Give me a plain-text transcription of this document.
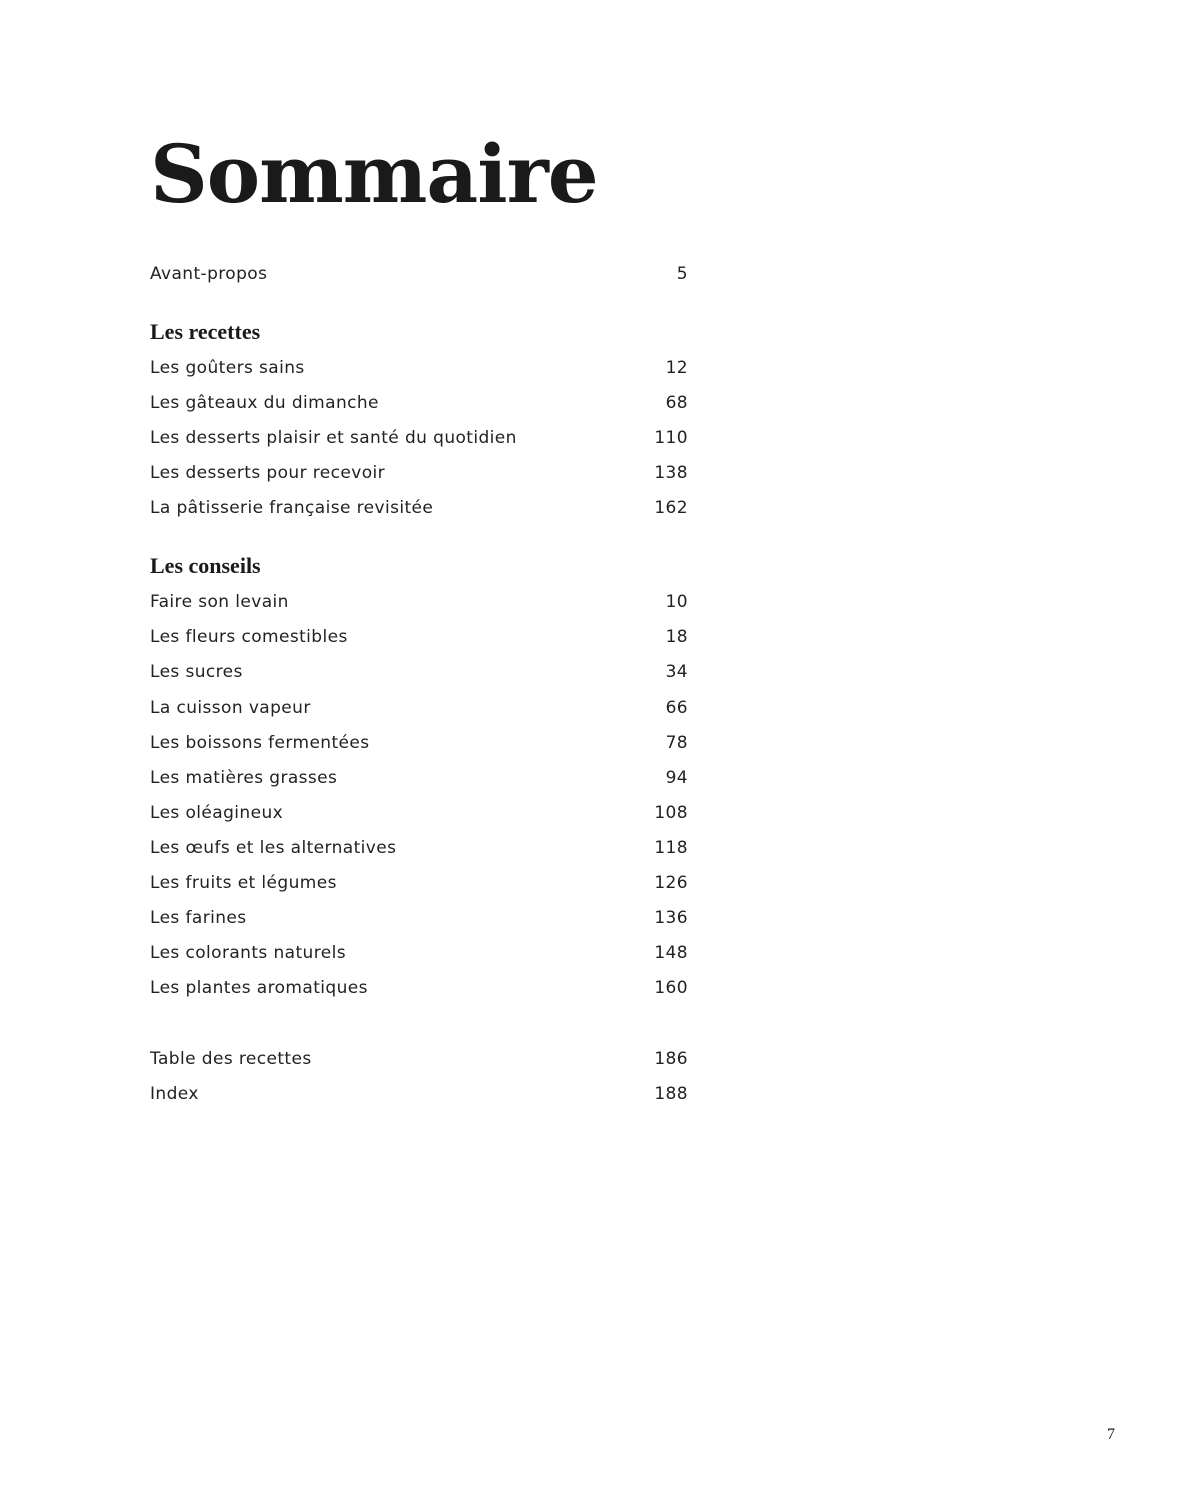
Sommaire
Avant-propos	5
Les recettes
Les goûters sains	12
Les gâteaux du dimanche	68
Les desserts plaisir et santé du quotidien	110
Les desserts pour recevoir	138
La pâtisserie française revisitée	162
Les conseils
Faire son levain	10
Les fleurs comestibles	18
Les sucres	34
La cuisson vapeur	66
Les boissons fermentées	78
Les matières grasses	94
Les oléagineux	108
Les œufs et les alternatives	118
Les fruits et légumes	126
Les farines	136
Les colorants naturels	148
Les plantes aromatiques	160
Table des recettes	186
Index	188
7
